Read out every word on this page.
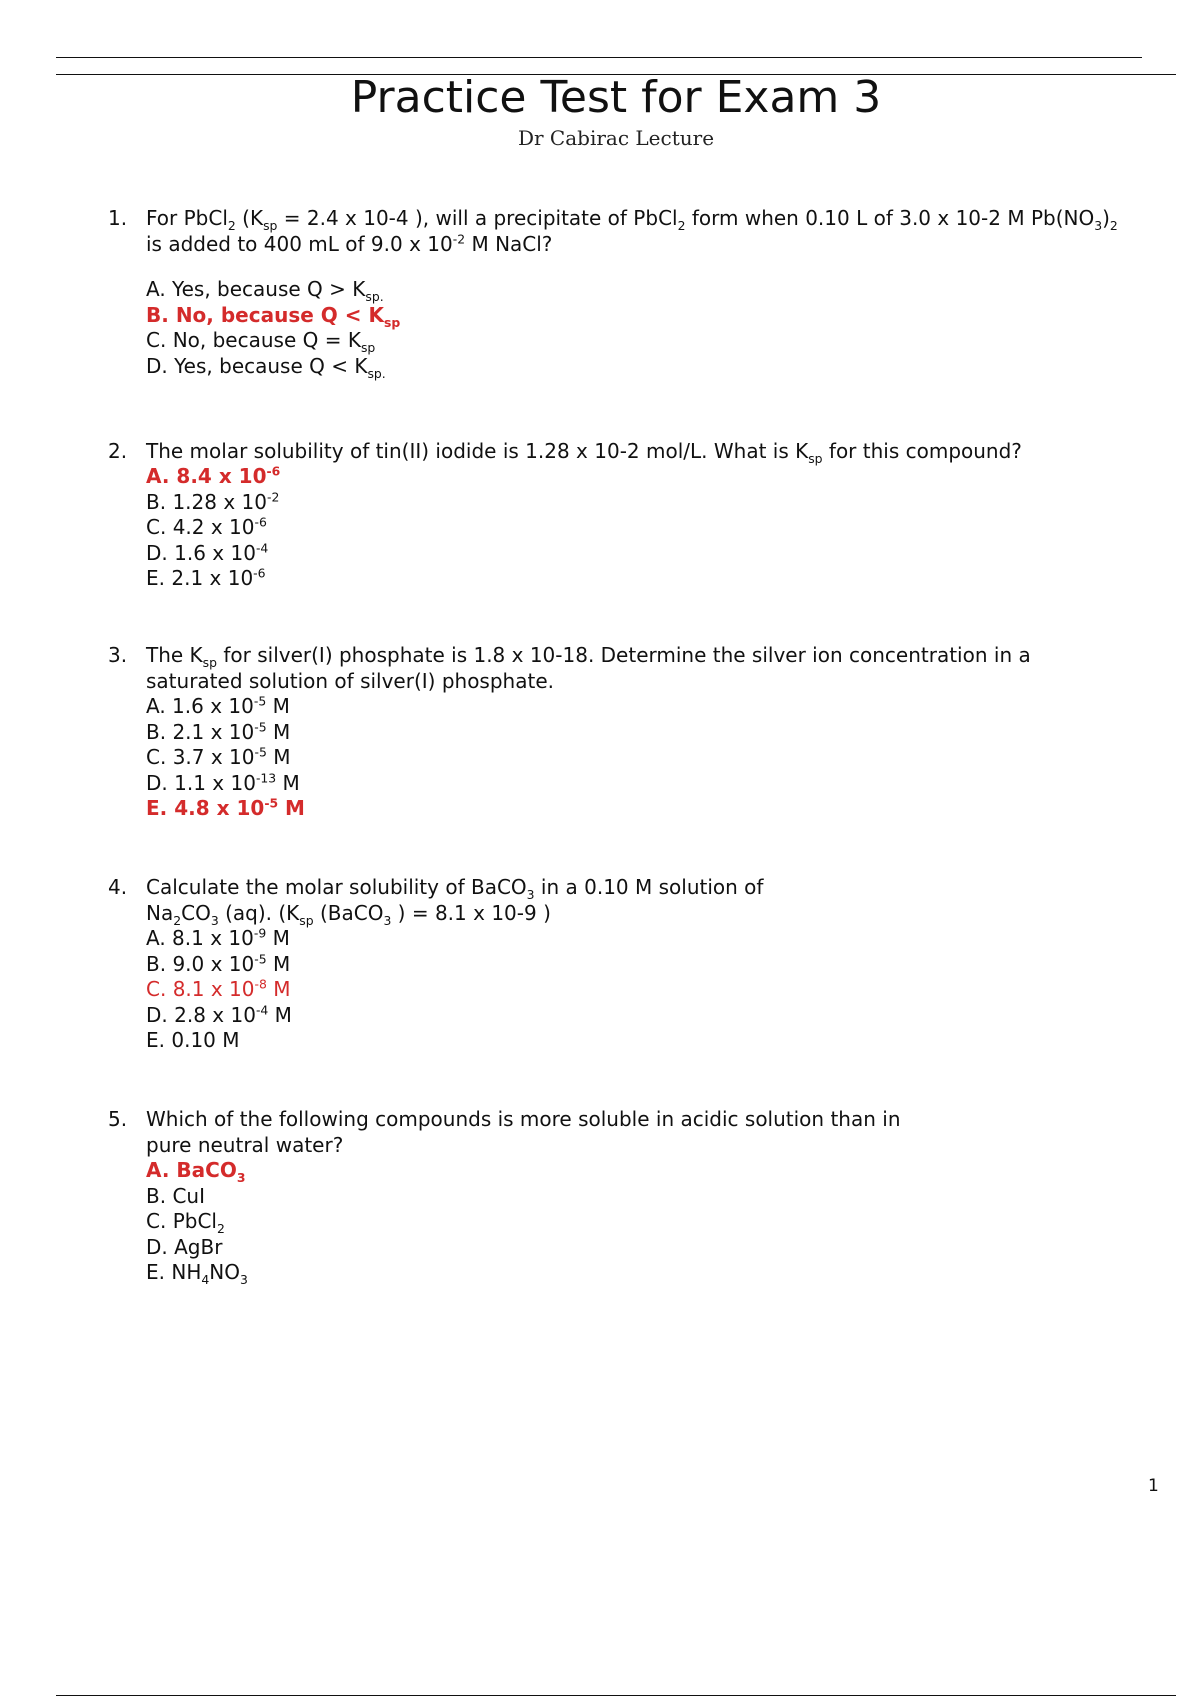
Practice Test for Exam 3
Dr Cabirac Lecture
1. For PbCl$_2$ ($K_{sp} = 2.4$ x 10-4 ), will a precipitate of PbCl$_2$ form when 0.10 L of 3.0 x 10-2 M $Pb(NO_3)_2$ is added to 400 mL of 9.0 x $10^{-2}$ M NaCl?

A. Yes, because $Q > K_{sp.}$
B. No, because $Q < K_{sp}$
C. No, because $Q = K_{sp}$
D. Yes, because $Q < K_{sp.}$
2. The molar solubility of tin(II) iodide is 1.28 x 10-2 mol/L. What is $K_{sp}$ for this compound?

A. 8.4 x $10^{-6}$
B. 1.28 x $10^{-2}$
C. 4.2 x $10^{-6}$
D. 1.6 x $10^{-4}$
E. 2.1 x $10^{-6}$
3. The $K_{sp}$ for silver(I) phosphate is 1.8 x 10-18. Determine the silver ion concentration in a saturated solution of silver(I) phosphate.

A. 1.6 x $10^{-5}$ M
B. 2.1 x $10^{-5}$ M
C. 3.7 x $10^{-5}$ M
D. 1.1 x $10^{-13}$ M
E. 4.8 x $10^{-5}$ M
4. Calculate the molar solubility of BaCO$_3$ in a 0.10 M solution of
$Na_2CO_3$ (aq). ($K_{sp}$ (BaCO$_3$ ) = 8.1 x 10-9 )

A. 8.1 x $10^{-9}$ M
B. 9.0 x $10^{-5}$ M
C. 8.1 x $10^{-8}$ M
D. 2.8 x $10^{-4}$ M
E. 0.10 M
5. Which of the following compounds is more soluble in acidic solution than in
pure neutral water?

A. BaCO$_3$
B. CuI
C. PbCl$_2$
D. AgBr
E. $NH_4NO_3$
1
